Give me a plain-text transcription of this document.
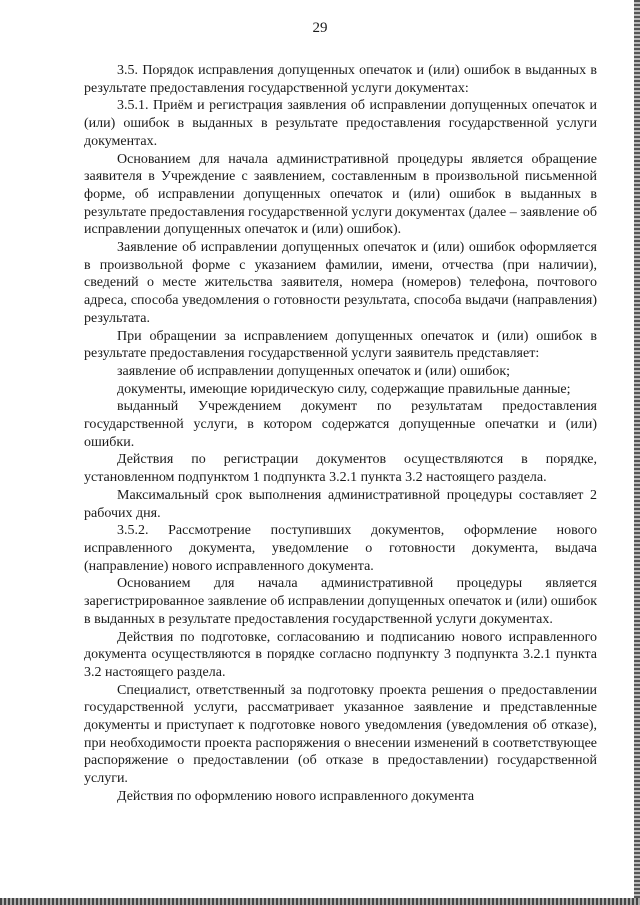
29

3.5. Порядок исправления допущенных опечаток и (или) ошибок в выданных в результате предоставления государственной услуги документах:

3.5.1. Приём и регистрация заявления об исправлении допущенных опечаток и (или) ошибок в выданных в результате предоставления государственной услуги документах.

Основанием для начала административной процедуры является обращение заявителя в Учреждение с заявлением, составленным в произвольной письменной форме, об исправлении допущенных опечаток и (или) ошибок в выданных в результате предоставления государственной услуги документах (далее – заявление об исправлении допущенных опечаток и (или) ошибок).

Заявление об исправлении допущенных опечаток и (или) ошибок оформляется в произвольной форме с указанием фамилии, имени, отчества (при наличии), сведений о месте жительства заявителя, номера (номеров) телефона, почтового адреса, способа уведомления о готовности результата, способа выдачи (направления) результата.

При обращении за исправлением допущенных опечаток и (или) ошибок в результате предоставления государственной услуги заявитель представляет:

заявление об исправлении допущенных опечаток и (или) ошибок;

документы, имеющие юридическую силу, содержащие правильные данные;

выданный Учреждением документ по результатам предоставления государственной услуги, в котором содержатся допущенные опечатки и (или) ошибки.

Действия по регистрации документов осуществляются в порядке, установленном подпунктом 1 подпункта 3.2.1 пункта 3.2 настоящего раздела.

Максимальный срок выполнения административной процедуры составляет 2 рабочих дня.

3.5.2. Рассмотрение поступивших документов, оформление нового исправленного документа, уведомление о готовности документа, выдача (направление) нового исправленного документа.

Основанием для начала административной процедуры является зарегистрированное заявление об исправлении допущенных опечаток и (или) ошибок в выданных в результате предоставления государственной услуги документах.

Действия по подготовке, согласованию и подписанию нового исправленного документа осуществляются в порядке согласно подпункту 3 подпункта 3.2.1 пункта 3.2 настоящего раздела.

Специалист, ответственный за подготовку проекта решения о предоставлении государственной услуги, рассматривает указанное заявление и представленные документы и приступает к подготовке нового уведомления (уведомления об отказе), при необходимости проекта распоряжения о внесении изменений в соответствующее распоряжение о предоставлении (об отказе в предоставлении) государственной услуги.

Действия по оформлению нового исправленного документа
